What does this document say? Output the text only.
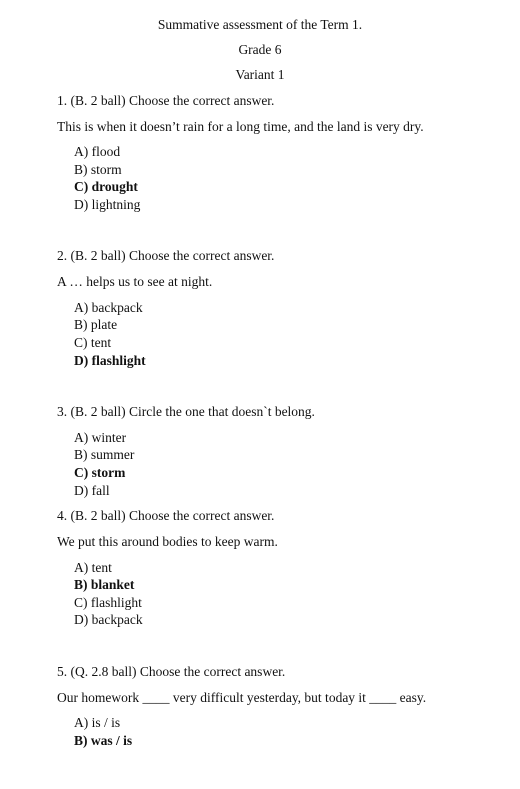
Summative assessment of the Term 1.
Grade 6
Variant 1
1. (B. 2 ball) Choose the correct answer.
This is when it doesn’t rain for a long time, and the land is very dry.
A) flood
B) storm
C) drought
D) lightning
2. (B. 2 ball) Choose the correct answer.
A … helps us to see at night.
A) backpack
B) plate
C) tent
D) flashlight
3. (B. 2 ball) Circle the one that doesn`t belong.
A) winter
B) summer
C) storm
D) fall
4. (B. 2 ball) Choose the correct answer.
We put this around bodies to keep warm.
A) tent
B) blanket
C) flashlight
D) backpack
5. (Q. 2.8 ball) Choose the correct answer.
Our homework ____ very difficult yesterday, but today it ____ easy.
A) is / is
B) was / is
